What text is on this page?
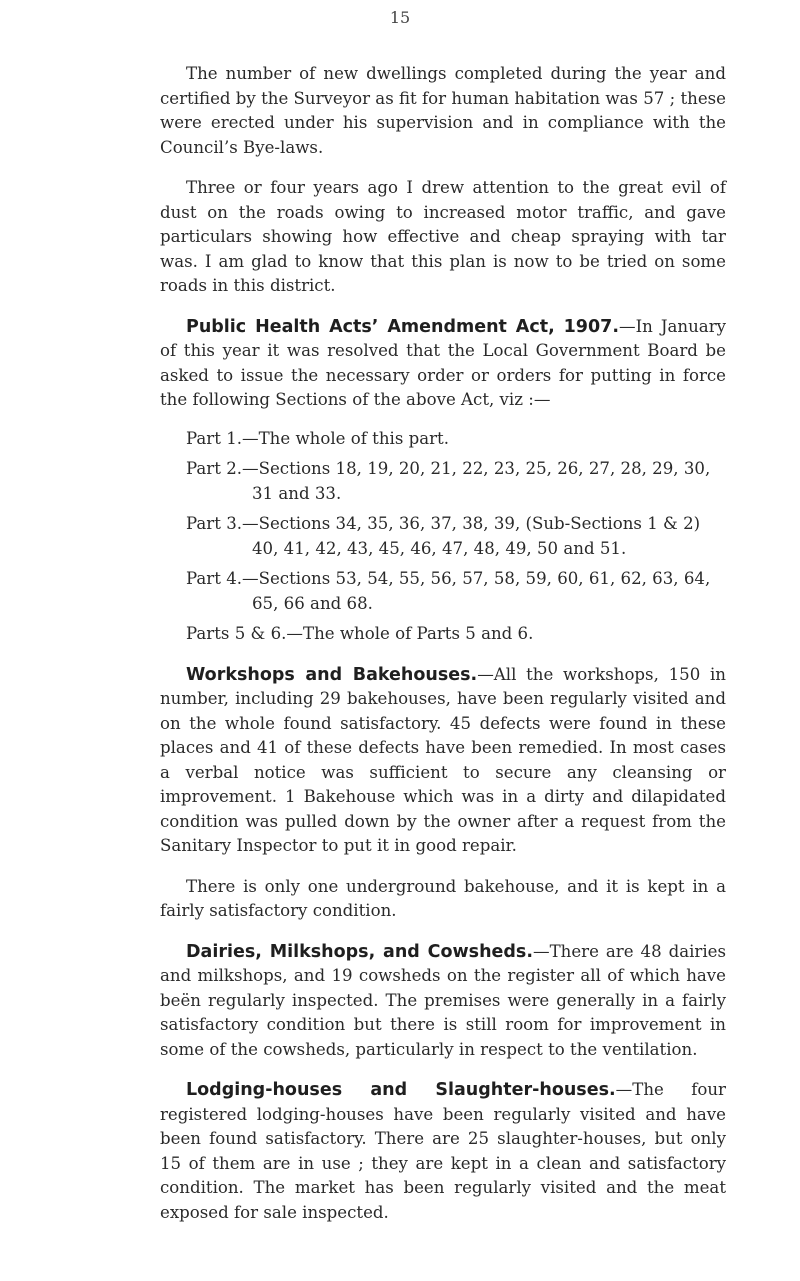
15

The number of new dwellings completed during the year and certified by the Surveyor as fit for human habitation was 57 ; these were erected under his supervision and in compliance with the Council’s Bye-laws.

Three or four years ago I drew attention to the great evil of dust on the roads owing to increased motor traffic, and gave particulars showing how effective and cheap spraying with tar was. I am glad to know that this plan is now to be tried on some roads in this district.

Public Health Acts’ Amendment Act, 1907.—In January of this year it was resolved that the Local Government Board be asked to issue the necessary order or orders for putting in force the following Sections of the above Act, viz :—

Part 1.—The whole of this part.

Part 2.—Sections 18, 19, 20, 21, 22, 23, 25, 26, 27, 28, 29, 30, 31 and 33.

Part 3.—Sections 34, 35, 36, 37, 38, 39, (Sub-Sections 1 & 2) 40, 41, 42, 43, 45, 46, 47, 48, 49, 50 and 51.

Part 4.—Sections 53, 54, 55, 56, 57, 58, 59, 60, 61, 62, 63, 64, 65, 66 and 68.

Parts 5 & 6.—The whole of Parts 5 and 6.

Workshops and Bakehouses.—All the workshops, 150 in number, including 29 bakehouses, have been regularly visited and on the whole found satisfactory. 45 defects were found in these places and 41 of these defects have been remedied. In most cases a verbal notice was sufficient to secure any cleansing or improvement. 1 Bakehouse which was in a dirty and dilapidated condition was pulled down by the owner after a request from the Sanitary Inspector to put it in good repair.

There is only one underground bakehouse, and it is kept in a fairly satisfactory condition.

Dairies, Milkshops, and Cowsheds.—There are 48 dairies and milkshops, and 19 cowsheds on the register all of which have beën regularly inspected. The premises were generally in a fairly satisfactory condition but there is still room for improvement in some of the cowsheds, particularly in respect to the ventilation.

Lodging-houses and Slaughter-houses.—The four registered lodging-houses have been regularly visited and have been found satisfactory. There are 25 slaughter-houses, but only 15 of them are in use ; they are kept in a clean and satisfactory condition. The market has been regularly visited and the meat exposed for sale inspected.
